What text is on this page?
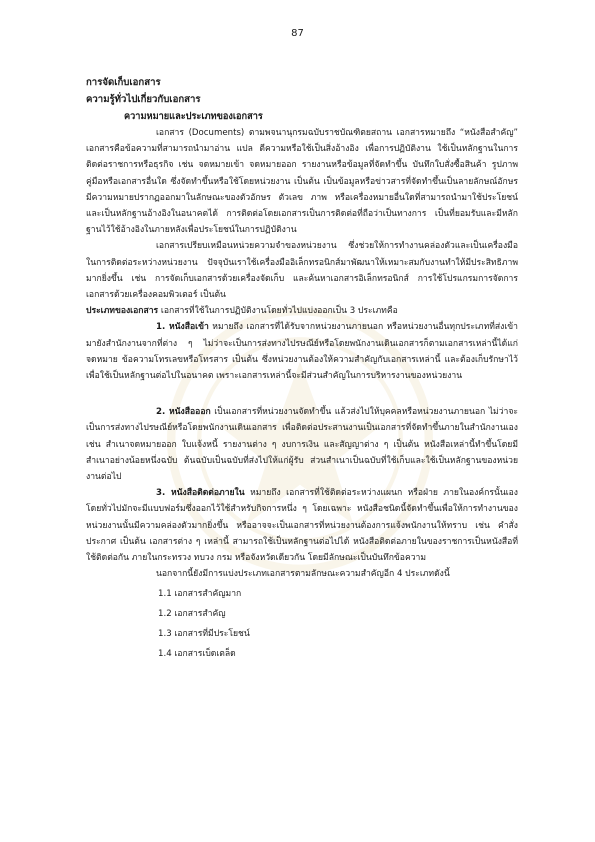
87

การจัดเก็บเอกสาร

ความรู้ทั่วไปเกี่ยวกับเอกสาร

ความหมายและประเภทของเอกสาร

เอกสาร (Documents) ตามพจนานุกรมฉบับราชบัณฑิตยสถาน เอกสารหมายถึง “หนังสือสำคัญ” เอกสารคือข้อความที่สามารถนำมาอ่าน แปล ตีความหรือใช้เป็นสิ่งอ้างอิง เพื่อการปฏิบัติงาน ใช้เป็นหลักฐานในการติดต่อราชการหรือธุรกิจ เช่น จดหมายเข้า จดหมายออก รายงานหรือข้อมูลที่จัดทำขึ้น บันทึกใบสั่งซื้อสินค้า รูปภาพ คู่มือหรือเอกสารอื่นใด ซึ่งจัดทำขึ้นหรือใช้โดยหน่วยงาน เป็นต้น เป็นข้อมูลหรือข่าวสารที่จัดทำขึ้นเป็นลายลักษณ์อักษร มีความหมายปรากฏออกมาในลักษณะของตัวอักษร ตัวเลข ภาพ หรือเครื่องหมายอื่นใดที่สามารถนำมาใช้ประโยชน์ และเป็นหลักฐานอ้างอิงในอนาคตได้ การติดต่อโดยเอกสารเป็นการติดต่อที่ถือว่าเป็นทางการ เป็นที่ยอมรับและมีหลักฐานไว้ใช้อ้างอิงในภายหลังเพื่อประโยชน์ในการปฏิบัติงาน

เอกสารเปรียบเหมือนหน่วยความจำของหน่วยงาน ซึ่งช่วยให้การทำงานคล่องตัวและเป็นเครื่องมือในการติดต่อระหว่างหน่วยงาน ปัจจุบันเราใช้เครื่องมืออิเล็กทรอนิกส์มาพัฒนาให้เหมาะสมกับงานทำให้มีประสิทธิภาพมากยิ่งขึ้น เช่น การจัดเก็บเอกสารด้วยเครื่องจัดเก็บ และค้นหาเอกสารอิเล็กทรอนิกส์ การใช้โปรแกรมการจัดการเอกสารด้วยเครื่องคอมพิวเตอร์ เป็นต้น

ประเภทของเอกสาร เอกสารที่ใช้ในการปฏิบัติงานโดยทั่วไปแบ่งออกเป็น 3 ประเภทคือ

1. หนังสือเข้า หมายถึง เอกสารที่ได้รับจากหน่วยงานภายนอก หรือหน่วยงานอื่นทุกประเภทที่ส่งเข้ามายังสำนักงานจากที่ต่าง ๆ ไม่ว่าจะเป็นการส่งทางไปรษณีย์หรือโดยพนักงานเดินเอกสารก็ตามเอกสารเหล่านี้ได้แก่ จดหมาย ข้อความโทรเลขหรือโทรสาร เป็นต้น ซึ่งหน่วยงานต้องให้ความสำคัญกับเอกสารเหล่านี้ และต้องเก็บรักษาไว้เพื่อใช้เป็นหลักฐานต่อไปในอนาคต เพราะเอกสารเหล่านี้จะมีส่วนสำคัญในการบริหารงานของหน่วยงาน

2. หนังสือออก เป็นเอกสารที่หน่วยงานจัดทำขึ้น แล้วส่งไปให้บุคคลหรือหน่วยงานภายนอก ไม่ว่าจะเป็นการส่งทางไปรษณีย์หรือโดยพนักงานเดินเอกสาร เพื่อติดต่อประสานงานเป็นเอกสารที่จัดทำขึ้นภายในสำนักงานเอง เช่น สำเนาจดหมายออก ใบแจ้งหนี้ รายงานต่าง ๆ งบการเงิน และสัญญาต่าง ๆ เป็นต้น หนังสือเหล่านี้ทำขึ้นโดยมีสำเนาอย่างน้อยหนึ่งฉบับ ต้นฉบับเป็นฉบับที่ส่งไปให้แก่ผู้รับ ส่วนสำเนาเป็นฉบับที่ใช้เก็บและใช้เป็นหลักฐานของหน่วยงานต่อไป

3. หนังสือติดต่อภายใน หมายถึง เอกสารที่ใช้ติดต่อระหว่างแผนก หรือฝ่าย ภายในองค์กรนั้นเอง โดยทั่วไปมักจะมีแบบฟอร์มซึ่งออกไว้ใช้สำหรับกิจการหนึ่ง ๆ โดยเฉพาะ หนังสือชนิดนี้จัดทำขึ้นเพื่อให้การทำงานของหน่วยงานนั้นมีความคล่องตัวมากยิ่งขึ้น หรืออาจจะเป็นเอกสารที่หน่วยงานต้องการแจ้งพนักงานให้ทราบ เช่น คำสั่ง ประกาศ เป็นต้น เอกสารต่าง ๆ เหล่านี้ สามารถใช้เป็นหลักฐานต่อไปได้ หนังสือติดต่อภายในของราชการเป็นหนังสือที่ใช้ติดต่อกัน ภายในกระทรวง ทบวง กรม หรือจังหวัดเดียวกัน โดยมีลักษณะเป็นบันทึกข้อความ

นอกจากนี้ยังมีการแบ่งประเภทเอกสารตามลักษณะความสำคัญอีก 4 ประเภทดังนี้

1.1 เอกสารสำคัญมาก
1.2 เอกสารสำคัญ
1.3 เอกสารที่มีประโยชน์
1.4 เอกสารเบ็ดเตล็ด
